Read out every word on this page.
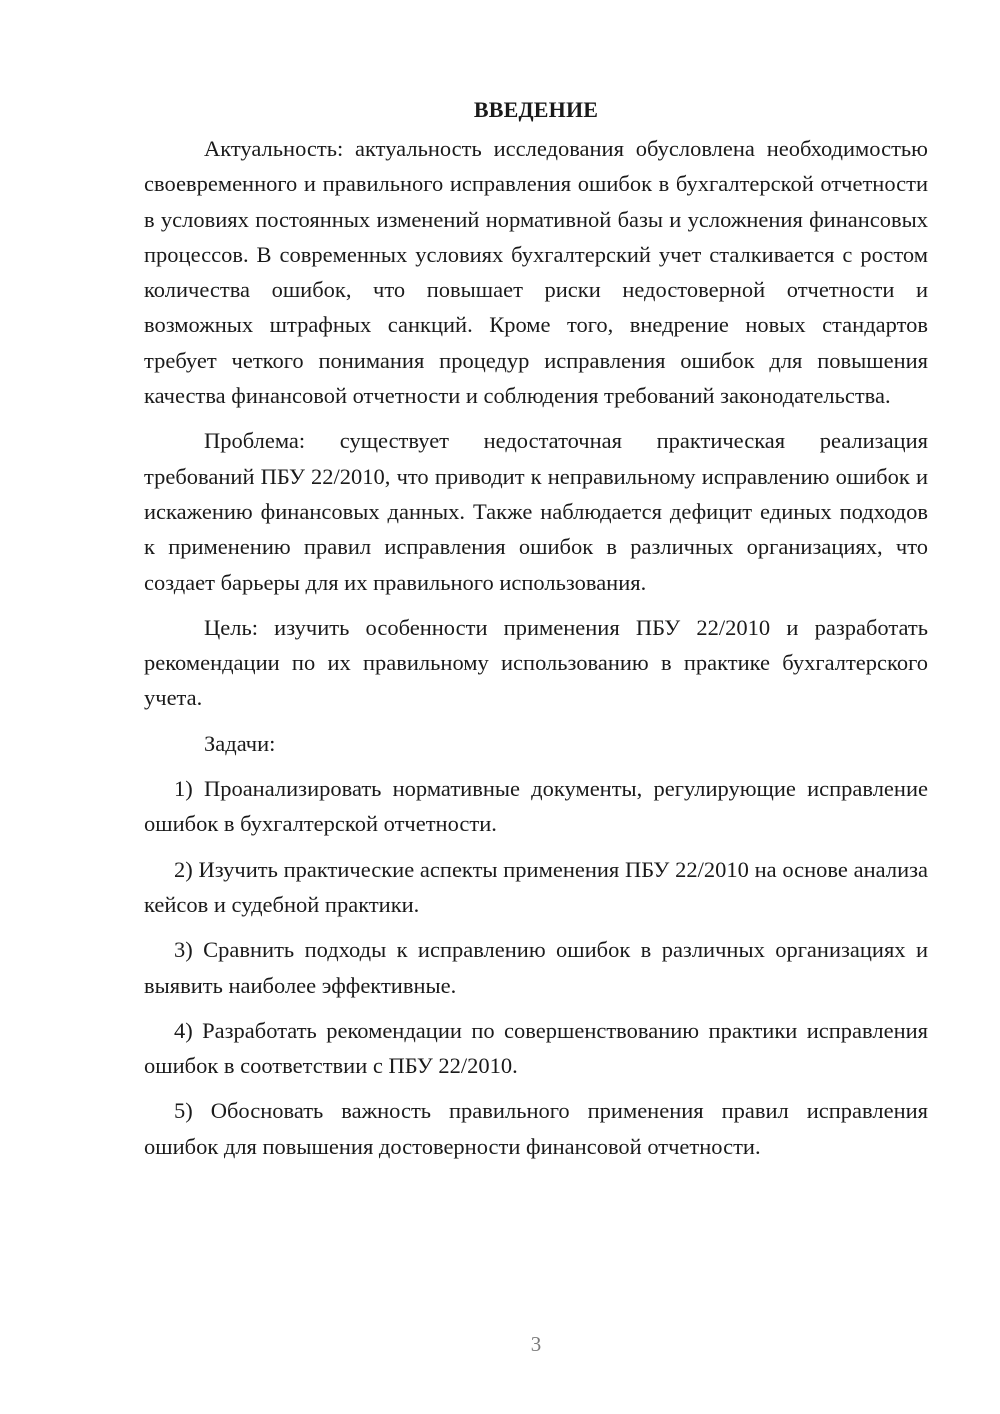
ВВЕДЕНИЕ

Актуальность: актуальность исследования обусловлена необходимостью своевременного и правильного исправления ошибок в бухгалтерской отчетности в условиях постоянных изменений нормативной базы и усложнения финансовых процессов. В современных условиях бухгалтерский учет сталкивается с ростом количества ошибок, что повышает риски недостоверной отчетности и возможных штрафных санкций. Кроме того, внедрение новых стандартов требует четкого понимания процедур исправления ошибок для повышения качества финансовой отчетности и соблюдения требований законодательства.

Проблема: существует недостаточная практическая реализация требований ПБУ 22/2010, что приводит к неправильному исправлению ошибок и искажению финансовых данных. Также наблюдается дефицит единых подходов к применению правил исправления ошибок в различных организациях, что создает барьеры для их правильного использования.

Цель: изучить особенности применения ПБУ 22/2010 и разработать рекомендации по их правильному использованию в практике бухгалтерского учета.

Задачи:

1) Проанализировать нормативные документы, регулирующие исправление ошибок в бухгалтерской отчетности.

2) Изучить практические аспекты применения ПБУ 22/2010 на основе анализа кейсов и судебной практики.

3) Сравнить подходы к исправлению ошибок в различных организациях и выявить наиболее эффективные.

4) Разработать рекомендации по совершенствованию практики исправления ошибок в соответствии с ПБУ 22/2010.

5) Обосновать важность правильного применения правил исправления ошибок для повышения достоверности финансовой отчетности.

3
